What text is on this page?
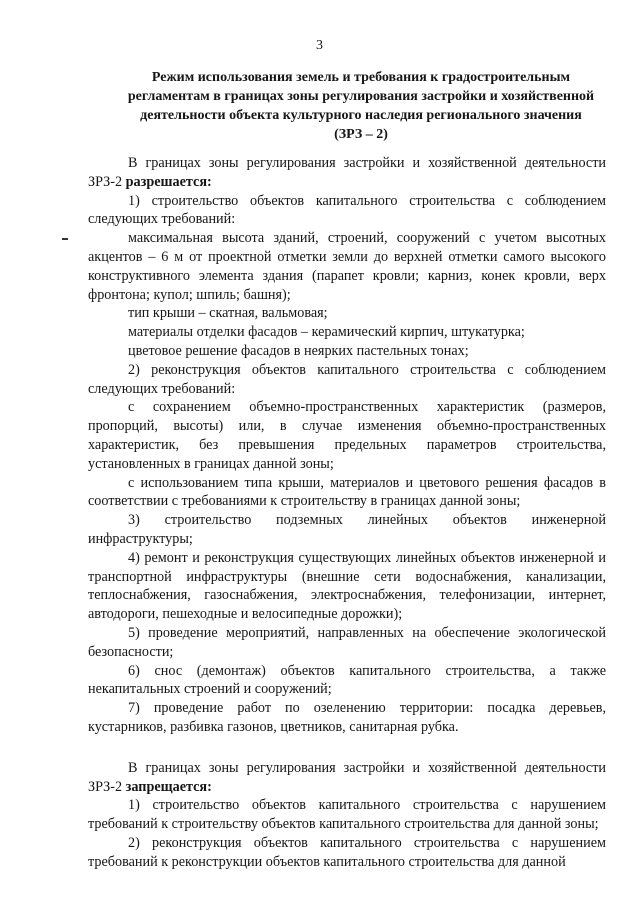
3
Режим использования земель и требования к градостроительным
регламентам в границах зоны регулирования застройки и хозяйственной
деятельности объекта культурного наследия регионального значения
(ЗРЗ – 2)

В границах зоны регулирования застройки и хозяйственной деятельности ЗРЗ-2 разрешается:

1) строительство объектов капитального строительства с соблюдением следующих требований:

максимальная высота зданий, строений, сооружений с учетом высотных акцентов – 6 м от проектной отметки земли до верхней отметки самого высокого конструктивного элемента здания (парапет кровли; карниз, конек кровли, верх фронтона; купол; шпиль; башня);

тип крыши – скатная, вальмовая;

материалы отделки фасадов – керамический кирпич, штукатурка;

цветовое решение фасадов в неярких пастельных тонах;

2) реконструкция объектов капитального строительства с соблюдением следующих требований:

с сохранением объемно-пространственных характеристик (размеров, пропорций, высоты) или, в случае изменения объемно-пространственных характеристик, без превышения предельных параметров строительства, установленных в границах данной зоны;

с использованием типа крыши, материалов и цветового решения фасадов в соответствии с требованиями к строительству в границах данной зоны;

3) строительство подземных линейных объектов инженерной инфраструктуры;

4) ремонт и реконструкция существующих линейных объектов инженерной и транспортной инфраструктуры (внешние сети водоснабжения, канализации, теплоснабжения, газоснабжения, электроснабжения, телефонизации, интернет, автодороги, пешеходные и велосипедные дорожки);

5) проведение мероприятий, направленных на обеспечение экологической безопасности;

6) снос (демонтаж) объектов капитального строительства, а также некапитальных строений и сооружений;

7) проведение работ по озеленению территории: посадка деревьев, кустарников, разбивка газонов, цветников, санитарная рубка.

В границах зоны регулирования застройки и хозяйственной деятельности ЗРЗ-2 запрещается:

1) строительство объектов капитального строительства с нарушением требований к строительству объектов капитального строительства для данной зоны;

2) реконструкция объектов капитального строительства с нарушением требований к реконструкции объектов капитального строительства для данной
